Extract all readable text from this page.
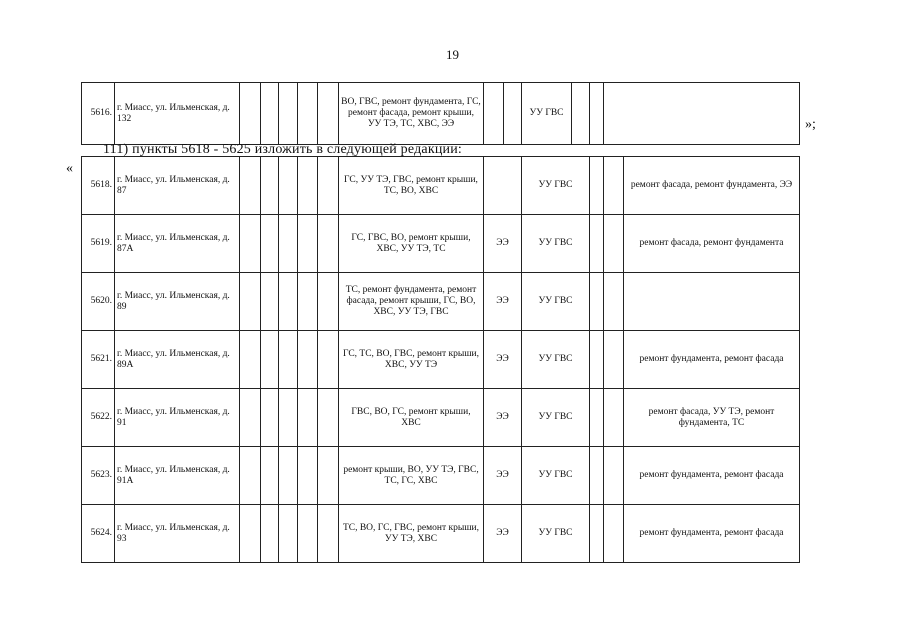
19
5616.	г. Миасс, ул. Ильменская, д. 132						ВО, ГВС, ремонт фундамента, ГС, ремонт фасада, ремонт крыши, УУ ТЭ, ТС, ХВС, ЭЭ			УУ ГВС			
»;
111) пункты 5618 - 5625 изложить в следующей редакции:
«
5618.	г. Миасс, ул. Ильменская, д. 87						ГС, УУ ТЭ, ГВС, ремонт крыши, ТС, ВО, ХВС		УУ ГВС			ремонт фасада, ремонт фундамента, ЭЭ
5619.	г. Миасс, ул. Ильменская, д. 87А						ГС, ГВС, ВО, ремонт крыши, ХВС, УУ ТЭ, ТС	ЭЭ	УУ ГВС			ремонт фасада, ремонт фундамента
5620.	г. Миасс, ул. Ильменская, д. 89						ТС, ремонт фундамента, ремонт фасада, ремонт крыши, ГС, ВО, ХВС, УУ ТЭ, ГВС	ЭЭ	УУ ГВС			
5621.	г. Миасс, ул. Ильменская, д. 89А						ГС, ТС, ВО, ГВС, ремонт крыши, ХВС, УУ ТЭ	ЭЭ	УУ ГВС			ремонт фундамента, ремонт фасада
5622.	г. Миасс, ул. Ильменская, д. 91						ГВС, ВО, ГС, ремонт крыши, ХВС	ЭЭ	УУ ГВС			ремонт фасада, УУ ТЭ, ремонт фундамента, ТС
5623.	г. Миасс, ул. Ильменская, д. 91А						ремонт крыши, ВО, УУ ТЭ, ГВС, ТС, ГС, ХВС	ЭЭ	УУ ГВС			ремонт фундамента, ремонт фасада
5624.	г. Миасс, ул. Ильменская, д. 93						ТС, ВО, ГС, ГВС, ремонт крыши, УУ ТЭ, ХВС	ЭЭ	УУ ГВС			ремонт фундамента, ремонт фасада
